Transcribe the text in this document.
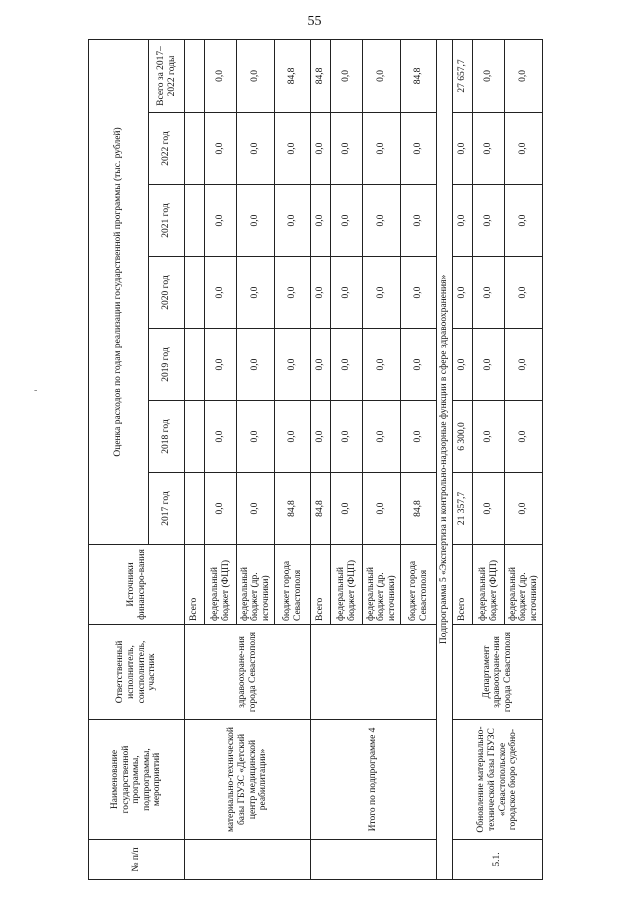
55
-
№ п/п	Наименование государственной программы, подпрограммы, мероприятий	Ответственный исполнитель, соисполнитель, участник	Источники финансиро-вания	Оценка расходов по годам реализации государственной программы (тыс. рублей)						
				2017 год	2018 год	2019 год	2020 год	2021 год	2022 год	Всего за 2017–2022 годы
	материально-технической базы ГБУЗС «Детский центр медицинской реабилитации»	здравоохране-ния города Севастополя	Всего							
			федеральный бюджет (ФЦП)	0,0	0,0	0,0	0,0	0,0	0,0	0,0
			федеральный бюджет (др. источники)	0,0	0,0	0,0	0,0	0,0	0,0	0,0
			бюджет города Севастополя	84,8	0,0	0,0	0,0	0,0	0,0	84,8
	Итого по подпрограмме 4		Всего	84,8	0,0	0,0	0,0	0,0	0,0	84,8
			федеральный бюджет (ФЦП)	0,0	0,0	0,0	0,0	0,0	0,0	0,0
			федеральный бюджет (др. источники)	0,0	0,0	0,0	0,0	0,0	0,0	0,0
			бюджет города Севастополя	84,8	0,0	0,0	0,0	0,0	0,0	84,8
Подпрограмма 5 «Экспертиза и контрольно-надзорные функции в сфере здравоохранения»										
5.1.	Обновление материально-технической базы ГБУЗС «Севастопольское городское бюро судебно-	Департамент здравоохране-ния города Севастополя	Всего	21 357,7	6 300,0	0,0	0,0	0,0	0,0	27 657,7
			федеральный бюджет (ФЦП)	0,0	0,0	0,0	0,0	0,0	0,0	0,0
			федеральный бюджет (др. источники)	0,0	0,0	0,0	0,0	0,0	0,0	0,0
